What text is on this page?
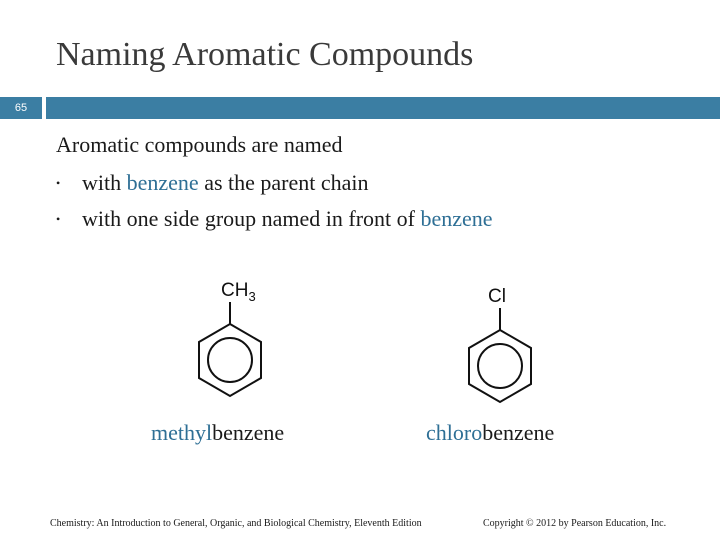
Naming Aromatic Compounds
65
Aromatic compounds are named
• with benzene as the parent chain
• with one side group named in front of benzene
$CH_3$
methylbenzene
Cl
chlorobenzene
Chemistry: An Introduction to General, Organic, and Biological Chemistry, Eleventh Edition	Copyright © 2012 by Pearson Education, Inc.
